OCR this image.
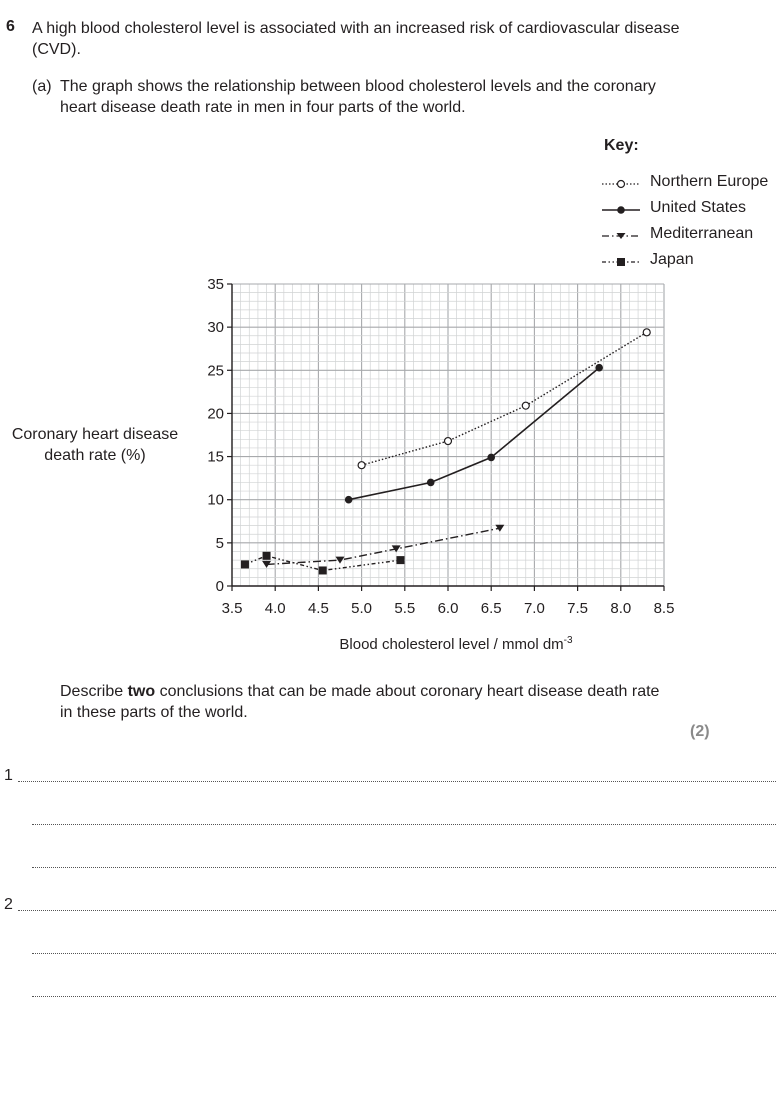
6 A high blood cholesterol level is associated with an increased risk of cardiovascular disease (CVD).
(a) The graph shows the relationship between blood cholesterol levels and the coronary heart disease death rate in men in four parts of the world.
Key:
Northern Europe
United States
Mediterranean
Japan
Coronary heart disease
death rate (%)
3.5 4.0 4.5 5.0 5.5 6.0 6.5 7.0 7.5 8.0 8.5
0
5
10
15
20
25
30
35
Blood cholesterol level / mmol $dm^{-3}$
Describe two conclusions that can be made about coronary heart disease death rate in these parts of the world.
(2)
1
2
